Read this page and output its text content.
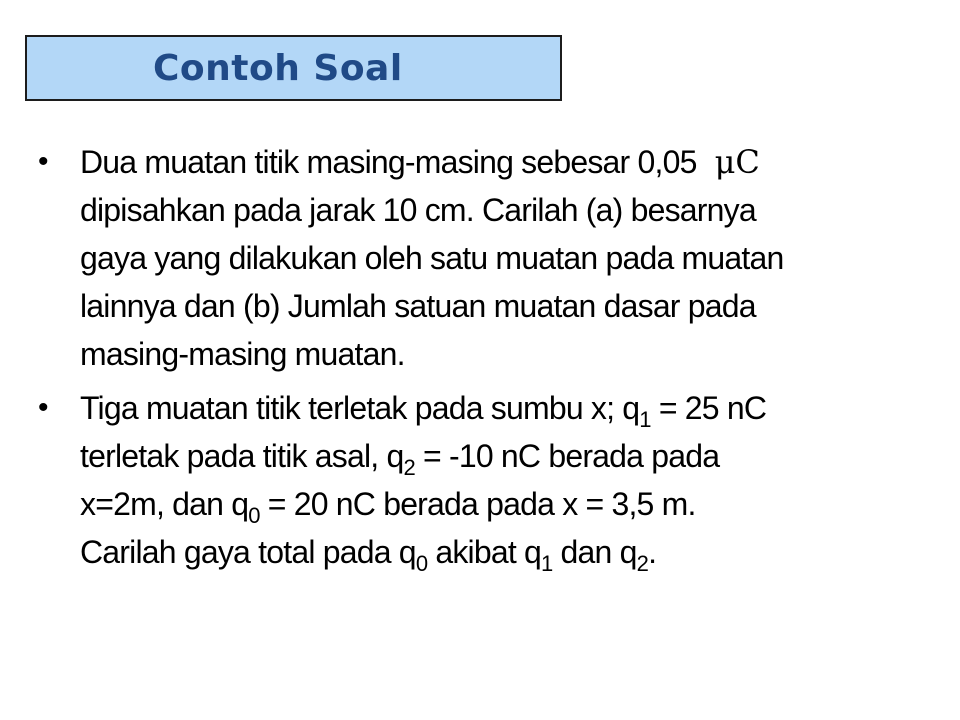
Contoh Soal
• Dua muatan titik masing-masing sebesar 0,05 μC
dipisahkan pada jarak 10 cm. Carilah (a) besarnya
gaya yang dilakukan oleh satu muatan pada muatan
lainnya dan (b) Jumlah satuan muatan dasar pada
masing-masing muatan.
• Tiga muatan titik terletak pada sumbu x; $q_1 = 25$ nC
terletak pada titik asal, $q_2 = -10$ nC berada pada
x=2m, dan $q_0 = 20$ nC berada pada x = 3,5 m.
Carilah gaya total pada $q_0$ akibat $q_1$ dan $q_2$.
